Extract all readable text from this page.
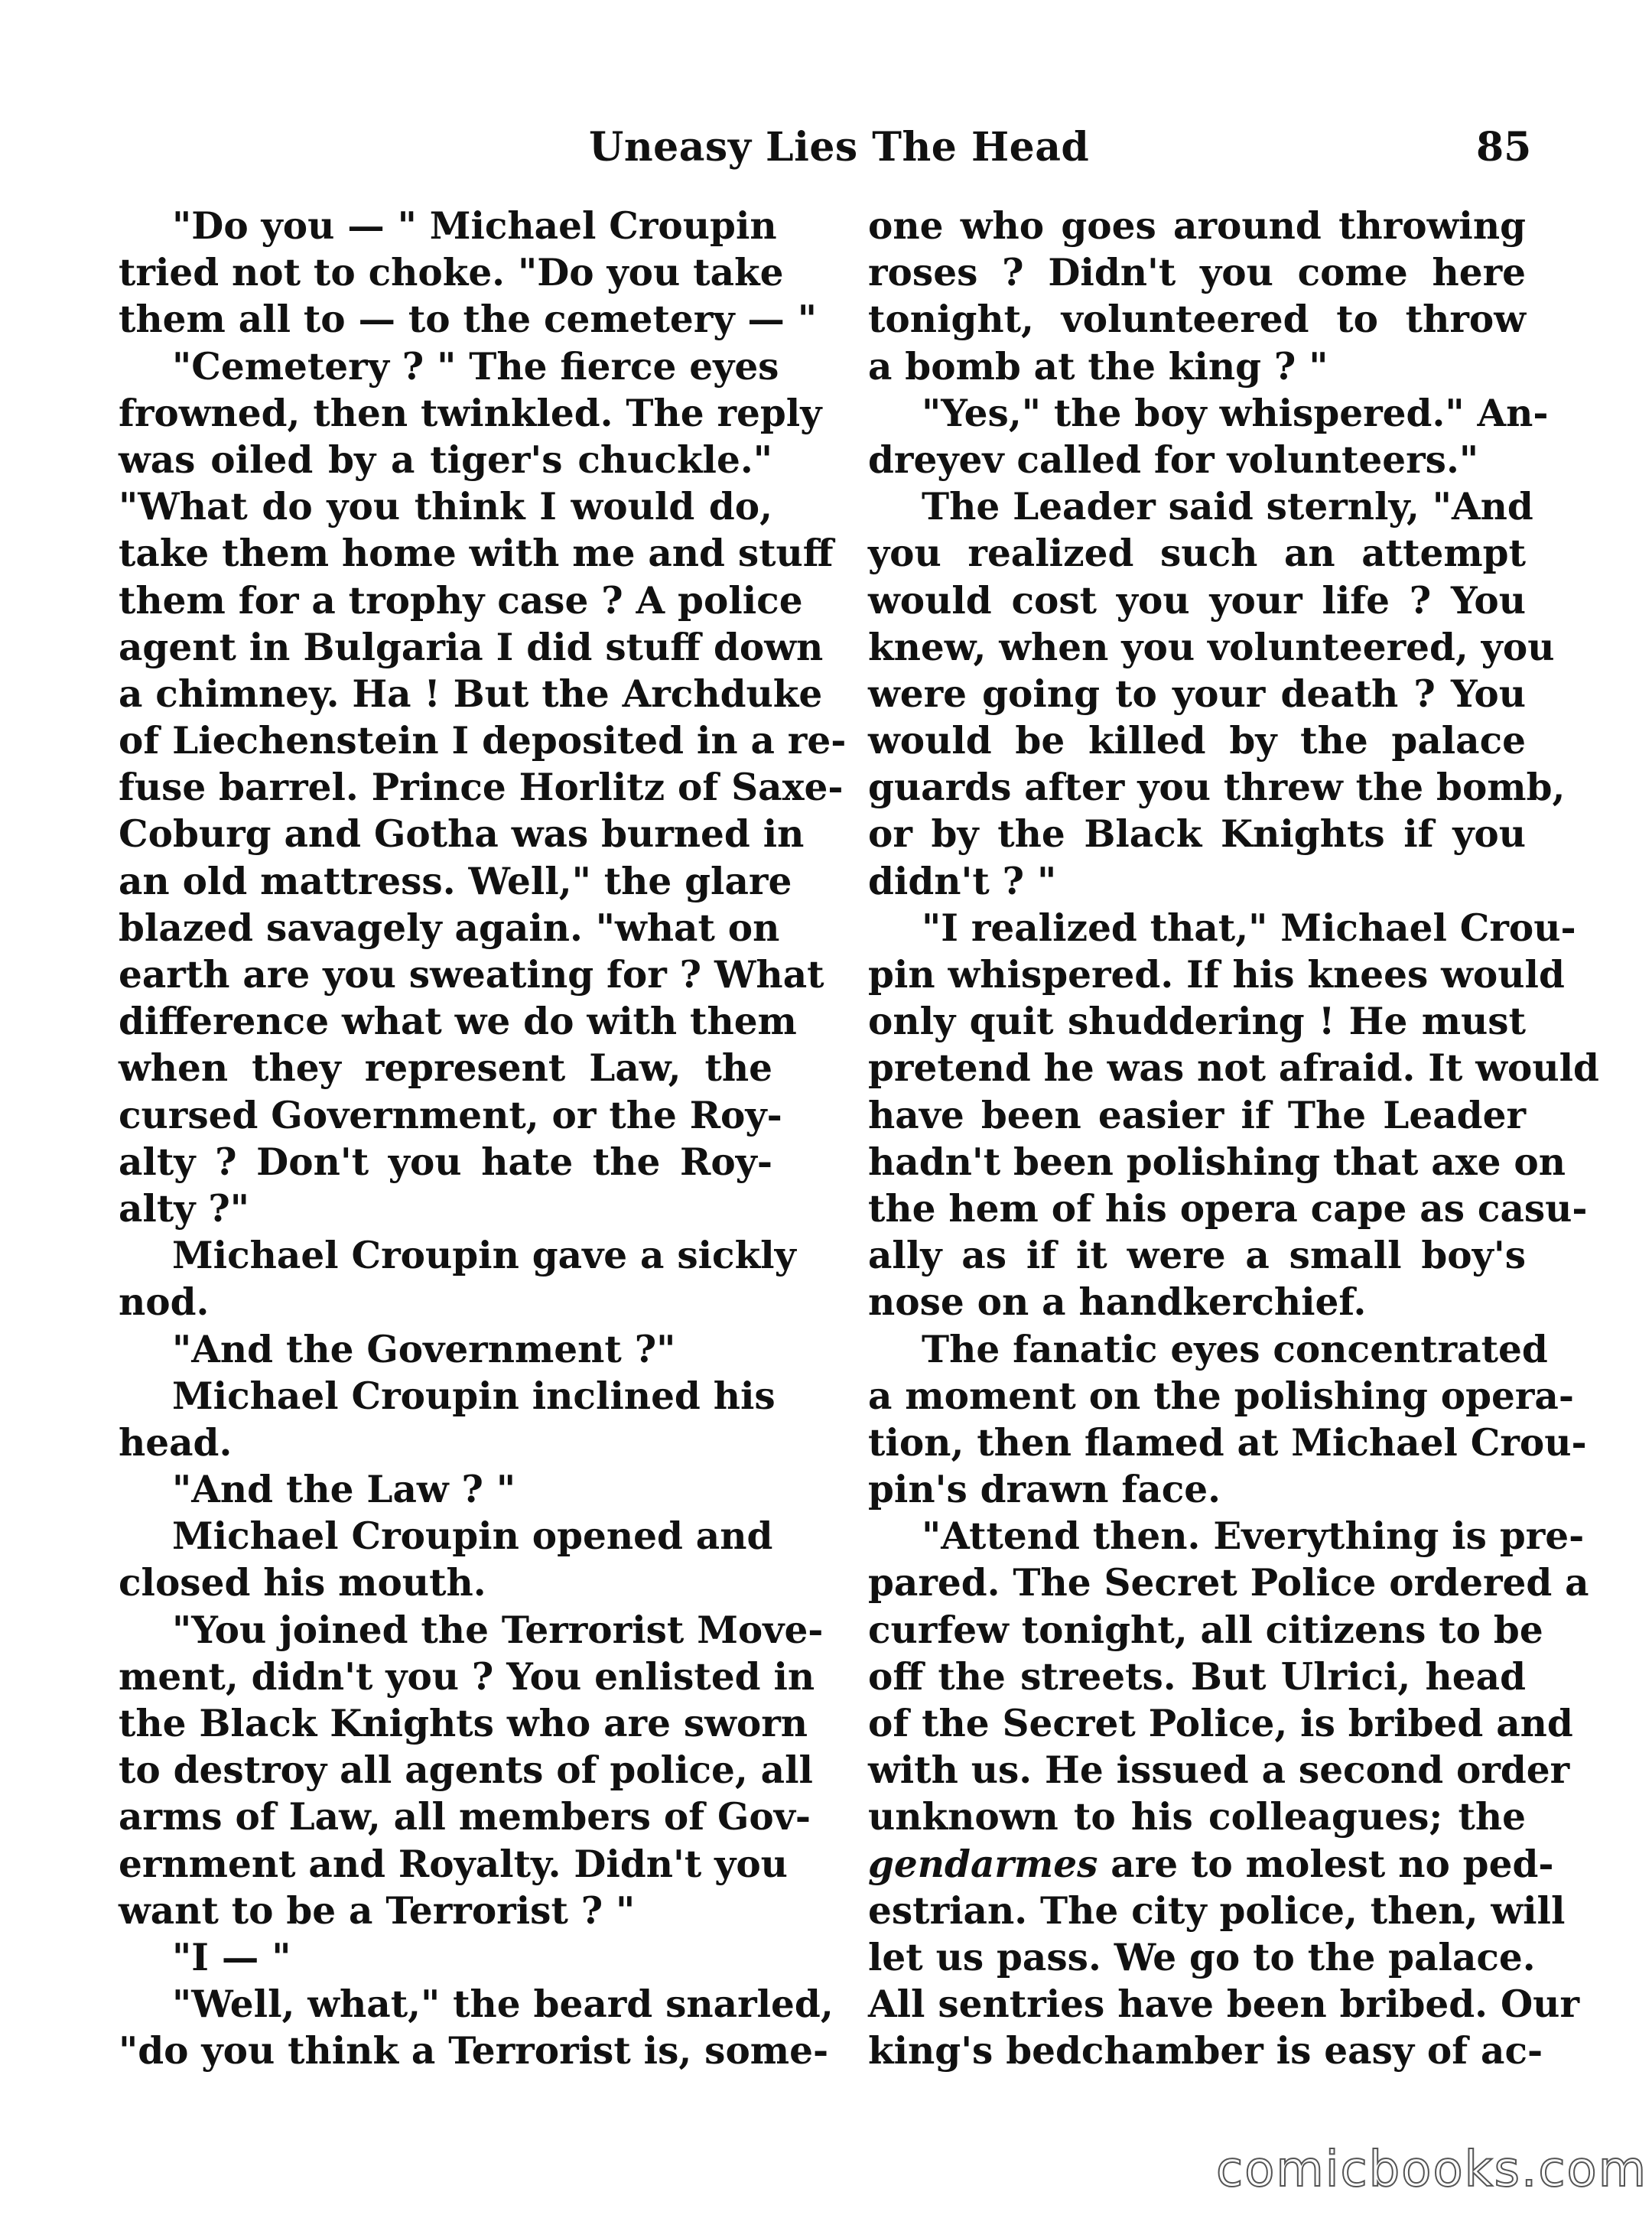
Uneasy Lies The Head	85
"Do you — " Michael Croupin
tried not to choke. "Do you take
them all to — to the cemetery — "
"Cemetery ? " The fierce eyes
frowned, then twinkled. The reply
was oiled by a tiger's chuckle."
"What do you think I would do,
take them home with me and stuff
them for a trophy case ? A police
agent in Bulgaria I did stuff down
a chimney. Ha ! But the Archduke
of Liechenstein I deposited in a re-
fuse barrel. Prince Horlitz of Saxe-
Coburg and Gotha was burned in
an old mattress. Well," the glare
blazed savagely again. "what on
earth are you sweating for ? What
difference what we do with them
when they represent Law, the
cursed Government, or the Roy-
alty ? Don't you hate the Roy-
alty ?"
Michael Croupin gave a sickly
nod.
"And the Government ?"
Michael Croupin inclined his
head.
"And the Law ? "
Michael Croupin opened and
closed his mouth.
"You joined the Terrorist Move-
ment, didn't you ? You enlisted in
the Black Knights who are sworn
to destroy all agents of police, all
arms of Law, all members of Gov-
ernment and Royalty. Didn't you
want to be a Terrorist ? "
"I — "
"Well, what," the beard snarled,
"do you think a Terrorist is, some-
one who goes around throwing
roses ? Didn't you come here
tonight, volunteered to throw
a bomb at the king ? "
"Yes," the boy whispered." An-
dreyev called for volunteers."
The Leader said sternly, "And
you realized such an attempt
would cost you your life ? You
knew, when you volunteered, you
were going to your death ? You
would be killed by the palace
guards after you threw the bomb,
or by the Black Knights if you
didn't ? "
"I realized that," Michael Crou-
pin whispered. If his knees would
only quit shuddering ! He must
pretend he was not afraid. It would
have been easier if The Leader
hadn't been polishing that axe on
the hem of his opera cape as casu-
ally as if it were a small boy's
nose on a handkerchief.
The fanatic eyes concentrated
a moment on the polishing opera-
tion, then flamed at Michael Crou-
pin's drawn face.
"Attend then. Everything is pre-
pared. The Secret Police ordered a
curfew tonight, all citizens to be
off the streets. But Ulrici, head
of the Secret Police, is bribed and
with us. He issued a second order
unknown to his colleagues; the
gendarmes are to molest no ped-
estrian. The city police, then, will
let us pass. We go to the palace.
All sentries have been bribed. Our
king's bedchamber is easy of ac-
comicbooks.com
